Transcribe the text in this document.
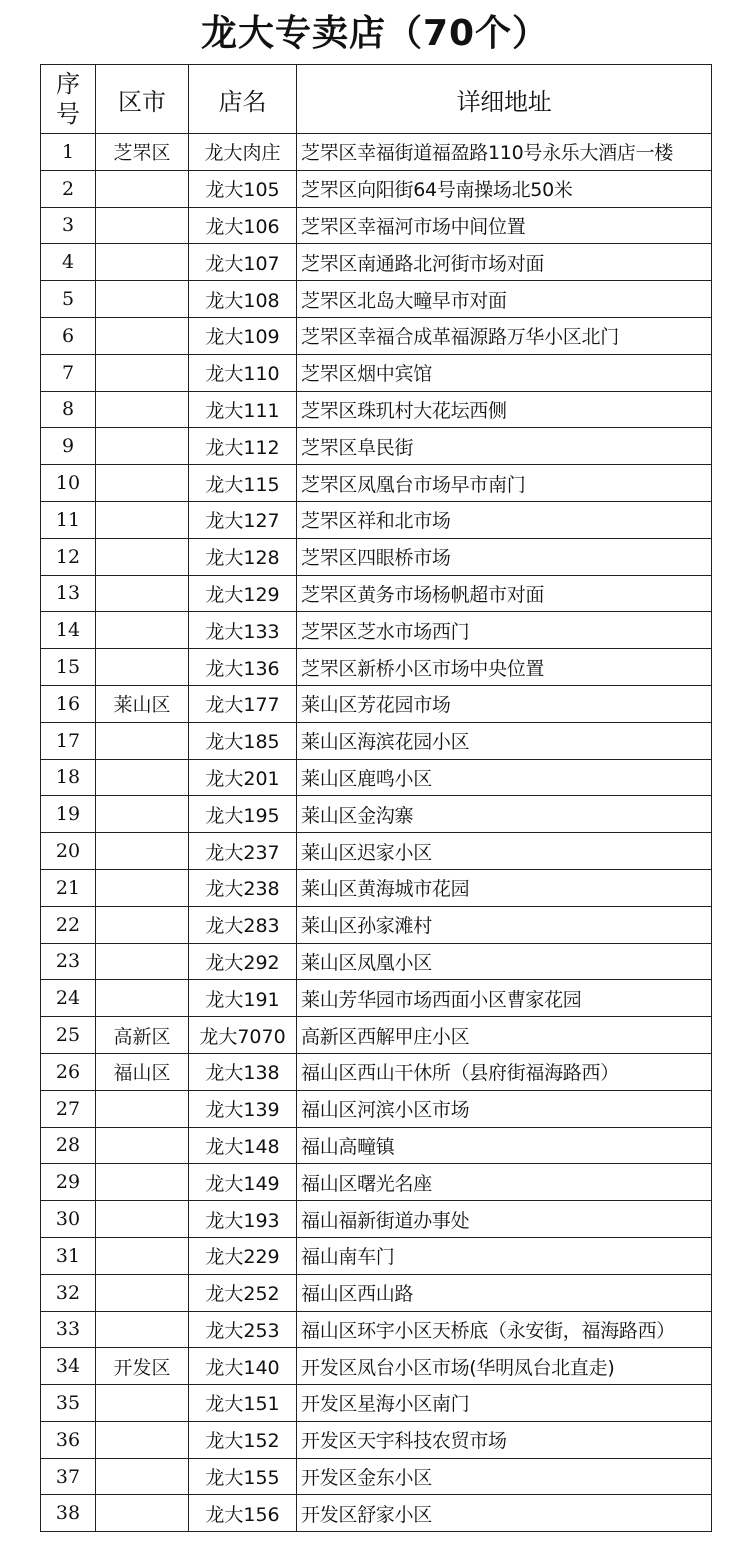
龙大专卖店（70个）
序
号	区市	店名	详细地址
1	芝罘区	龙大肉庄	芝罘区幸福街道福盈路110号永乐大酒店一楼
2		龙大105	芝罘区向阳街64号南操场北50米
3		龙大106	芝罘区幸福河市场中间位置
4		龙大107	芝罘区南通路北河街市场对面
5		龙大108	芝罘区北岛大疃早市对面
6		龙大109	芝罘区幸福合成革福源路万华小区北门
7		龙大110	芝罘区烟中宾馆
8		龙大111	芝罘区珠玑村大花坛西侧
9		龙大112	芝罘区阜民街
10		龙大115	芝罘区凤凰台市场早市南门
11		龙大127	芝罘区祥和北市场
12		龙大128	芝罘区四眼桥市场
13		龙大129	芝罘区黄务市场杨帆超市对面
14		龙大133	芝罘区芝水市场西门
15		龙大136	芝罘区新桥小区市场中央位置
16	莱山区	龙大177	莱山区芳花园市场
17		龙大185	莱山区海滨花园小区
18		龙大201	莱山区鹿鸣小区
19		龙大195	莱山区金沟寨
20		龙大237	莱山区迟家小区
21		龙大238	莱山区黄海城市花园
22		龙大283	莱山区孙家滩村
23		龙大292	莱山区凤凰小区
24		龙大191	莱山芳华园市场西面小区曹家花园
25	高新区	龙大7070	高新区西解甲庄小区
26	福山区	龙大138	福山区西山干休所（县府街福海路西）
27		龙大139	福山区河滨小区市场
28		龙大148	福山高疃镇
29		龙大149	福山区曙光名座
30		龙大193	福山福新街道办事处
31		龙大229	福山南车门
32		龙大252	福山区西山路
33		龙大253	福山区环宇小区天桥底（永安街，福海路西）
34	开发区	龙大140	开发区凤台小区市场(华明凤台北直走)
35		龙大151	开发区星海小区南门
36		龙大152	开发区天宇科技农贸市场
37		龙大155	开发区金东小区
38		龙大156	开发区舒家小区
